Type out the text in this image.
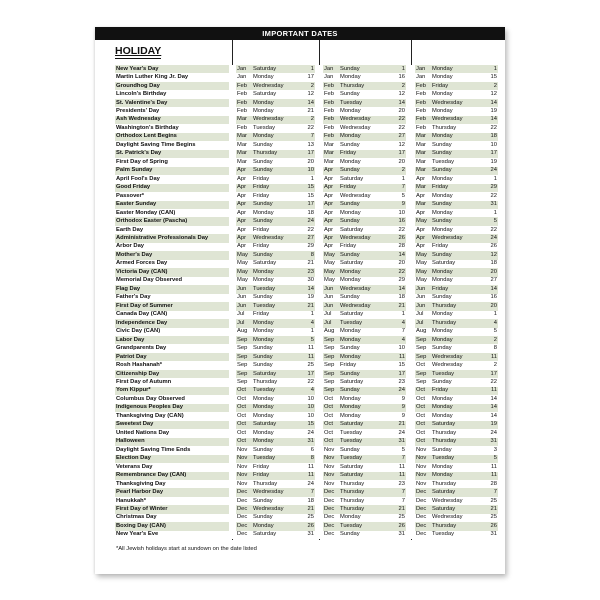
IMPORTANT DATES
HOLIDAY
New Year's Day		Jan	Saturday	1		Jan	Sunday	1		Jan	Monday	1
Martin Luther King Jr. Day		Jan	Monday	17		Jan	Monday	16		Jan	Monday	15
Groundhog Day		Feb	Wednesday	2		Feb	Thursday	2		Feb	Friday	2
Lincoln's Birthday		Feb	Saturday	12		Feb	Sunday	12		Feb	Monday	12
St. Valentine's Day		Feb	Monday	14		Feb	Tuesday	14		Feb	Wednesday	14
Presidents' Day		Feb	Monday	21		Feb	Monday	20		Feb	Monday	19
Ash Wednesday		Mar	Wednesday	2		Feb	Wednesday	22		Feb	Wednesday	14
Washington's Birthday		Feb	Tuesday	22		Feb	Wednesday	22		Feb	Thursday	22
Orthodox Lent Begins		Mar	Monday	7		Feb	Monday	27		Mar	Monday	18
Daylight Saving Time Begins		Mar	Sunday	13		Mar	Sunday	12		Mar	Sunday	10
St. Patrick's Day		Mar	Thursday	17		Mar	Friday	17		Mar	Sunday	17
First Day of Spring		Mar	Sunday	20		Mar	Monday	20		Mar	Tuesday	19
Palm Sunday		Apr	Sunday	10		Apr	Sunday	2		Mar	Sunday	24
April Fool's Day		Apr	Friday	1		Apr	Saturday	1		Apr	Monday	1
Good Friday		Apr	Friday	15		Apr	Friday	7		Mar	Friday	29
Passover*		Apr	Friday	15		Apr	Wednesday	5		Apr	Monday	22
Easter Sunday		Apr	Sunday	17		Apr	Sunday	9		Mar	Sunday	31
Easter Monday (CAN)		Apr	Monday	18		Apr	Monday	10		Apr	Monday	1
Orthodox Easter (Pascha)		Apr	Sunday	24		Apr	Sunday	16		May	Sunday	5
Earth Day		Apr	Friday	22		Apr	Saturday	22		Apr	Monday	22
Administrative Professionals Day		Apr	Wednesday	27		Apr	Wednesday	26		Apr	Wednesday	24
Arbor Day		Apr	Friday	29		Apr	Friday	28		Apr	Friday	26
Mother's Day		May	Sunday	8		May	Sunday	14		May	Sunday	12
Armed Forces Day		May	Saturday	21		May	Saturday	20		May	Saturday	18
Victoria Day (CAN)		May	Monday	23		May	Monday	22		May	Monday	20
Memorial Day Observed		May	Monday	30		May	Monday	29		May	Monday	27
Flag Day		Jun	Tuesday	14		Jun	Wednesday	14		Jun	Friday	14
Father's Day		Jun	Sunday	19		Jun	Sunday	18		Jun	Sunday	16
First Day of Summer		Jun	Tuesday	21		Jun	Wednesday	21		Jun	Thursday	20
Canada Day (CAN)		Jul	Friday	1		Jul	Saturday	1		Jul	Monday	1
Independence Day		Jul	Monday	4		Jul	Tuesday	4		Jul	Thursday	4
Civic Day (CAN)		Aug	Monday	1		Aug	Monday	7		Aug	Monday	5
Labor Day		Sep	Monday	5		Sep	Monday	4		Sep	Monday	2
Grandparents Day		Sep	Sunday	11		Sep	Sunday	10		Sep	Sunday	8
Patriot Day		Sep	Sunday	11		Sep	Monday	11		Sep	Wednesday	11
Rosh Hashanah*		Sep	Sunday	25		Sep	Friday	15		Oct	Wednesday	2
Citizenship Day		Sep	Saturday	17		Sep	Sunday	17		Sep	Tuesday	17
First Day of Autumn		Sep	Thursday	22		Sep	Saturday	23		Sep	Sunday	22
Yom Kippur*		Oct	Tuesday	4		Sep	Sunday	24		Oct	Friday	11
Columbus Day Observed		Oct	Monday	10		Oct	Monday	9		Oct	Monday	14
Indigenous Peoples Day		Oct	Monday	10		Oct	Monday	9		Oct	Monday	14
Thanksgiving Day (CAN)		Oct	Monday	10		Oct	Monday	9		Oct	Monday	14
Sweetest Day		Oct	Saturday	15		Oct	Saturday	21		Oct	Saturday	19
United Nations Day		Oct	Monday	24		Oct	Tuesday	24		Oct	Thursday	24
Halloween		Oct	Monday	31		Oct	Tuesday	31		Oct	Thursday	31
Daylight Saving Time Ends		Nov	Sunday	6		Nov	Sunday	5		Nov	Sunday	3
Election Day		Nov	Tuesday	8		Nov	Tuesday	7		Nov	Tuesday	5
Veterans Day		Nov	Friday	11		Nov	Saturday	11		Nov	Monday	11
Remembrance Day (CAN)		Nov	Friday	11		Nov	Saturday	11		Nov	Monday	11
Thanksgiving Day		Nov	Thursday	24		Nov	Thursday	23		Nov	Thursday	28
Pearl Harbor Day		Dec	Wednesday	7		Dec	Thursday	7		Dec	Saturday	7
Hanukkah*		Dec	Sunday	18		Dec	Thursday	7		Dec	Wednesday	25
First Day of Winter		Dec	Wednesday	21		Dec	Thursday	21		Dec	Saturday	21
Christmas Day		Dec	Sunday	25		Dec	Monday	25		Dec	Wednesday	25
Boxing Day (CAN)		Dec	Monday	26		Dec	Tuesday	26		Dec	Thursday	26
New Year's Eve		Dec	Saturday	31		Dec	Sunday	31		Dec	Tuesday	31
*All Jewish holidays start at sundown on the date listed
